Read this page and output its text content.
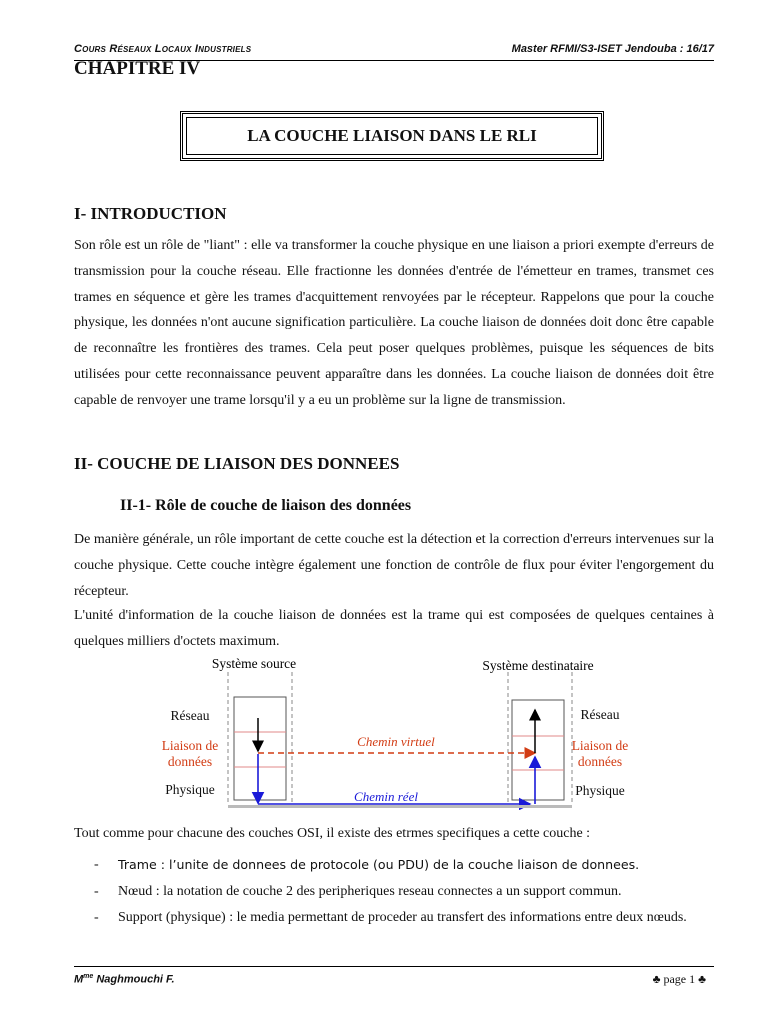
Cours Réseaux Locaux Industriels	Master RFMI/S3-ISET Jendouba : 16/17
CHAPITRE IV
LA COUCHE LIAISON DANS LE RLI
I- INTRODUCTION
Son rôle est un rôle de "liant" : elle va transformer la couche physique en une liaison a priori exempte d'erreurs de transmission pour la couche réseau. Elle fractionne les données d'entrée de l'émetteur en trames, transmet ces trames en séquence et gère les trames d'acquittement renvoyées par le récepteur. Rappelons que pour la couche physique, les données n'ont aucune signification particulière. La couche liaison de données doit donc être capable de reconnaître les frontières des trames. Cela peut poser quelques problèmes, puisque les séquences de bits utilisées pour cette reconnaissance peuvent apparaître dans les données. La couche liaison de données doit être capable de renvoyer une trame lorsqu'il y a eu un problème sur la ligne de transmission.
II- COUCHE DE LIAISON DES DONNEES
II-1- Rôle de couche de liaison des données
De manière générale, un rôle important de cette couche est la détection et la correction d'erreurs intervenues sur la couche physique. Cette couche intègre également une fonction de contrôle de flux pour éviter l'engorgement du récepteur.
L'unité d'information de la couche liaison de données est la trame qui est composées de quelques centaines à quelques milliers d'octets maximum.
Système source	Système destinataire
Réseau
Liaison de
données
Physique
Réseau
Liaison de
données
Physique
Chemin virtuel
Chemin réel
Tout comme pour chacune des couches OSI, il existe des etrmes specifiques a cette couche :
- Trame : l’unite de donnees de protocole (ou PDU) de la couche liaison de donnees.
- Nœud : la notation de couche 2 des peripheriques reseau connectes a un support commun.
- Support (physique) : le media permettant de proceder au transfert des informations entre deux nœuds.
$M^{me}$ Naghmouchi F.	♣ page 1 ♣
